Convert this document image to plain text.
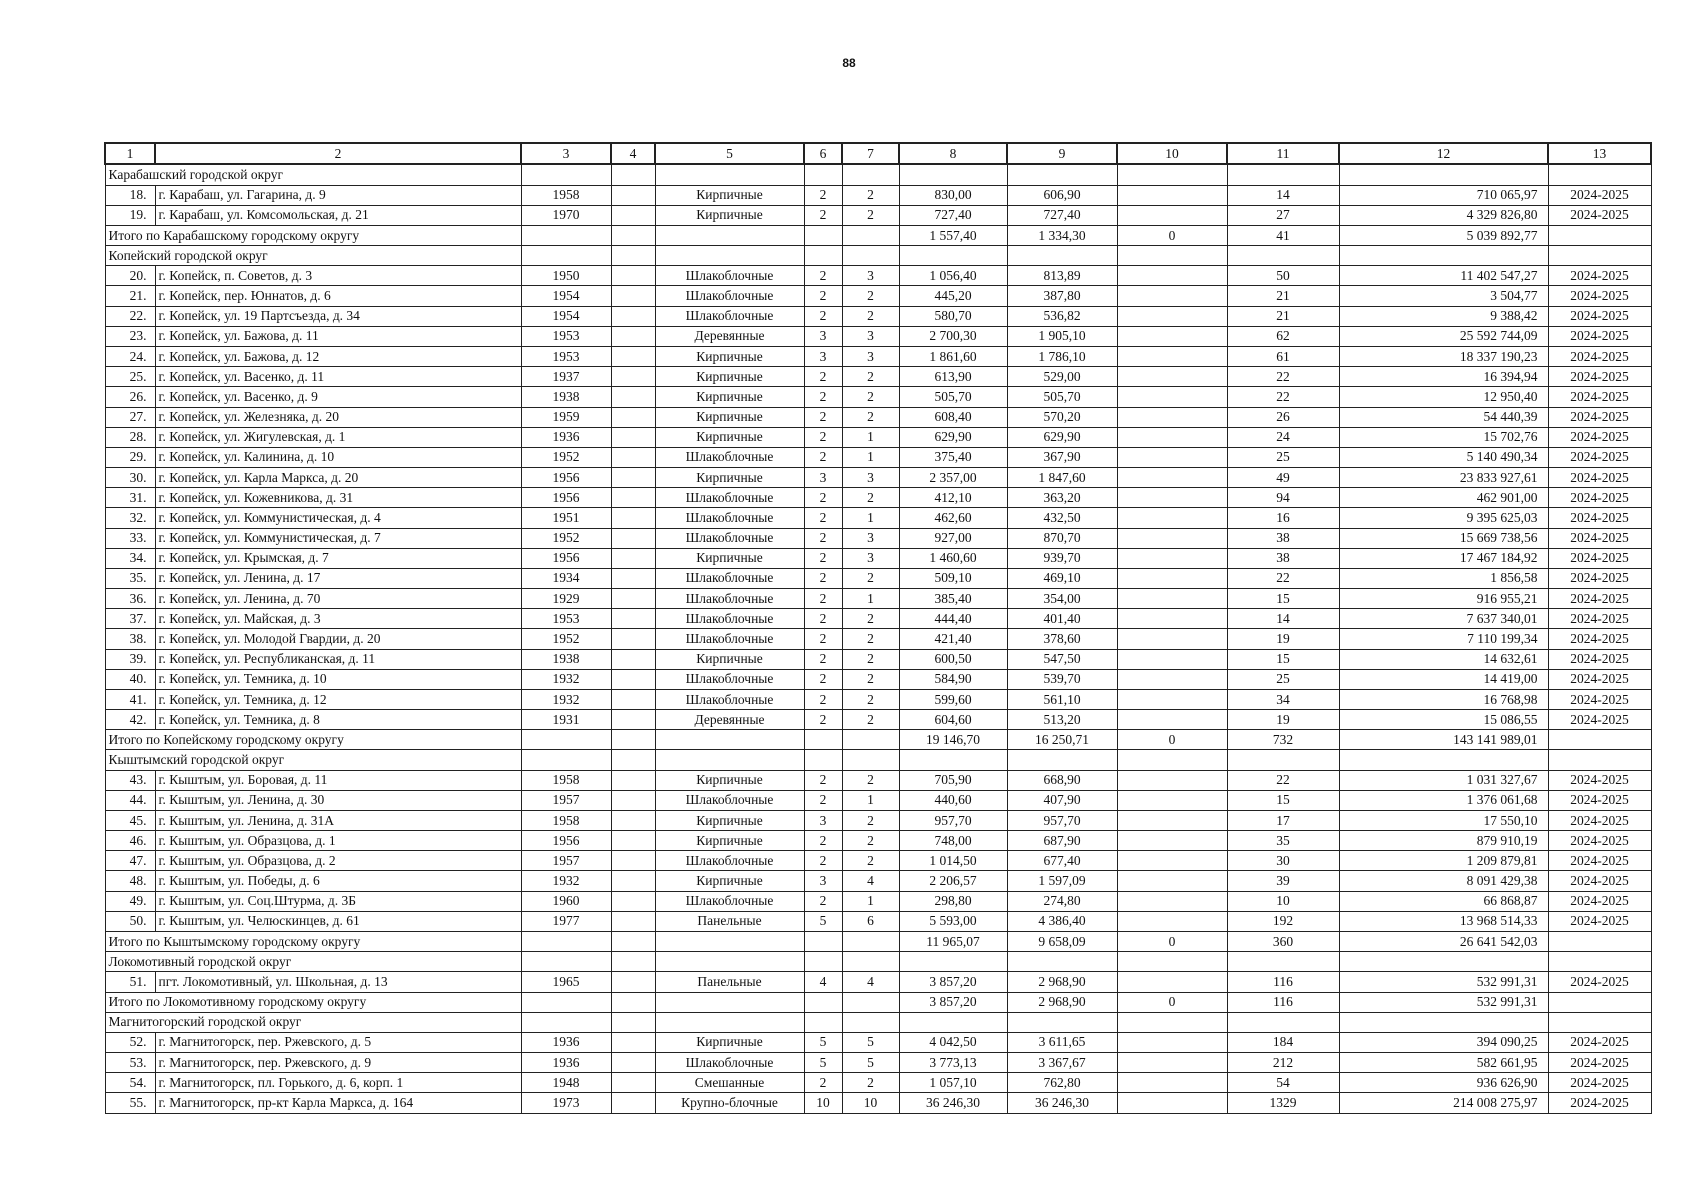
88
1	2	3	4	5	6	7	8	9	10	11	12	13
Карабашский городской округ												
18.	г. Карабаш, ул. Гагарина, д. 9	1958		Кирпичные	2	2	830,00	606,90		14	710 065,97	2024-2025
19.	г. Карабаш, ул. Комсомольская, д. 21	1970		Кирпичные	2	2	727,40	727,40		27	4 329 826,80	2024-2025
Итого по Карабашскому городскому округу							1 557,40	1 334,30	0	41	5 039 892,77	
Копейский городской округ												
20.	г. Копейск, п. Советов, д. 3	1950		Шлакоблочные	2	3	1 056,40	813,89		50	11 402 547,27	2024-2025
21.	г. Копейск, пер. Юннатов, д. 6	1954		Шлакоблочные	2	2	445,20	387,80		21	3 504,77	2024-2025
22.	г. Копейск, ул. 19 Партсъезда, д. 34	1954		Шлакоблочные	2	2	580,70	536,82		21	9 388,42	2024-2025
23.	г. Копейск, ул. Бажова, д. 11	1953		Деревянные	3	3	2 700,30	1 905,10		62	25 592 744,09	2024-2025
24.	г. Копейск, ул. Бажова, д. 12	1953		Кирпичные	3	3	1 861,60	1 786,10		61	18 337 190,23	2024-2025
25.	г. Копейск, ул. Васенко, д. 11	1937		Кирпичные	2	2	613,90	529,00		22	16 394,94	2024-2025
26.	г. Копейск, ул. Васенко, д. 9	1938		Кирпичные	2	2	505,70	505,70		22	12 950,40	2024-2025
27.	г. Копейск, ул. Железняка, д. 20	1959		Кирпичные	2	2	608,40	570,20		26	54 440,39	2024-2025
28.	г. Копейск, ул. Жигулевская, д. 1	1936		Кирпичные	2	1	629,90	629,90		24	15 702,76	2024-2025
29.	г. Копейск, ул. Калинина, д. 10	1952		Шлакоблочные	2	1	375,40	367,90		25	5 140 490,34	2024-2025
30.	г. Копейск, ул. Карла Маркса, д. 20	1956		Кирпичные	3	3	2 357,00	1 847,60		49	23 833 927,61	2024-2025
31.	г. Копейск, ул. Кожевникова, д. 31	1956		Шлакоблочные	2	2	412,10	363,20		94	462 901,00	2024-2025
32.	г. Копейск, ул. Коммунистическая, д. 4	1951		Шлакоблочные	2	1	462,60	432,50		16	9 395 625,03	2024-2025
33.	г. Копейск, ул. Коммунистическая, д. 7	1952		Шлакоблочные	2	3	927,00	870,70		38	15 669 738,56	2024-2025
34.	г. Копейск, ул. Крымская, д. 7	1956		Кирпичные	2	3	1 460,60	939,70		38	17 467 184,92	2024-2025
35.	г. Копейск, ул. Ленина, д. 17	1934		Шлакоблочные	2	2	509,10	469,10		22	1 856,58	2024-2025
36.	г. Копейск, ул. Ленина, д. 70	1929		Шлакоблочные	2	1	385,40	354,00		15	916 955,21	2024-2025
37.	г. Копейск, ул. Майская, д. 3	1953		Шлакоблочные	2	2	444,40	401,40		14	7 637 340,01	2024-2025
38.	г. Копейск, ул. Молодой Гвардии, д. 20	1952		Шлакоблочные	2	2	421,40	378,60		19	7 110 199,34	2024-2025
39.	г. Копейск, ул. Республиканская, д. 11	1938		Кирпичные	2	2	600,50	547,50		15	14 632,61	2024-2025
40.	г. Копейск, ул. Темника, д. 10	1932		Шлакоблочные	2	2	584,90	539,70		25	14 419,00	2024-2025
41.	г. Копейск, ул. Темника, д. 12	1932		Шлакоблочные	2	2	599,60	561,10		34	16 768,98	2024-2025
42.	г. Копейск, ул. Темника, д. 8	1931		Деревянные	2	2	604,60	513,20		19	15 086,55	2024-2025
Итого по Копейскому городскому округу							19 146,70	16 250,71	0	732	143 141 989,01	
Кыштымский городской округ												
43.	г. Кыштым, ул. Боровая, д. 11	1958		Кирпичные	2	2	705,90	668,90		22	1 031 327,67	2024-2025
44.	г. Кыштым, ул. Ленина, д. 30	1957		Шлакоблочные	2	1	440,60	407,90		15	1 376 061,68	2024-2025
45.	г. Кыштым, ул. Ленина, д. 31А	1958		Кирпичные	3	2	957,70	957,70		17	17 550,10	2024-2025
46.	г. Кыштым, ул. Образцова, д. 1	1956		Кирпичные	2	2	748,00	687,90		35	879 910,19	2024-2025
47.	г. Кыштым, ул. Образцова, д. 2	1957		Шлакоблочные	2	2	1 014,50	677,40		30	1 209 879,81	2024-2025
48.	г. Кыштым, ул. Победы, д. 6	1932		Кирпичные	3	4	2 206,57	1 597,09		39	8 091 429,38	2024-2025
49.	г. Кыштым, ул. Соц.Штурма, д. 3Б	1960		Шлакоблочные	2	1	298,80	274,80		10	66 868,87	2024-2025
50.	г. Кыштым, ул. Челюскинцев, д. 61	1977		Панельные	5	6	5 593,00	4 386,40		192	13 968 514,33	2024-2025
Итого по Кыштымскому городскому округу							11 965,07	9 658,09	0	360	26 641 542,03	
Локомотивный городской округ												
51.	пгт. Локомотивный, ул. Школьная, д. 13	1965		Панельные	4	4	3 857,20	2 968,90		116	532 991,31	2024-2025
Итого по Локомотивному городскому округу							3 857,20	2 968,90	0	116	532 991,31	
Магнитогорский городской округ												
52.	г. Магнитогорск, пер. Ржевского, д. 5	1936		Кирпичные	5	5	4 042,50	3 611,65		184	394 090,25	2024-2025
53.	г. Магнитогорск, пер. Ржевского, д. 9	1936		Шлакоблочные	5	5	3 773,13	3 367,67		212	582 661,95	2024-2025
54.	г. Магнитогорск, пл. Горького, д. 6, корп. 1	1948		Смешанные	2	2	1 057,10	762,80		54	936 626,90	2024-2025
55.	г. Магнитогорск, пр-кт Карла Маркса, д. 164	1973		Крупно-блочные	10	10	36 246,30	36 246,30		1329	214 008 275,97	2024-2025
